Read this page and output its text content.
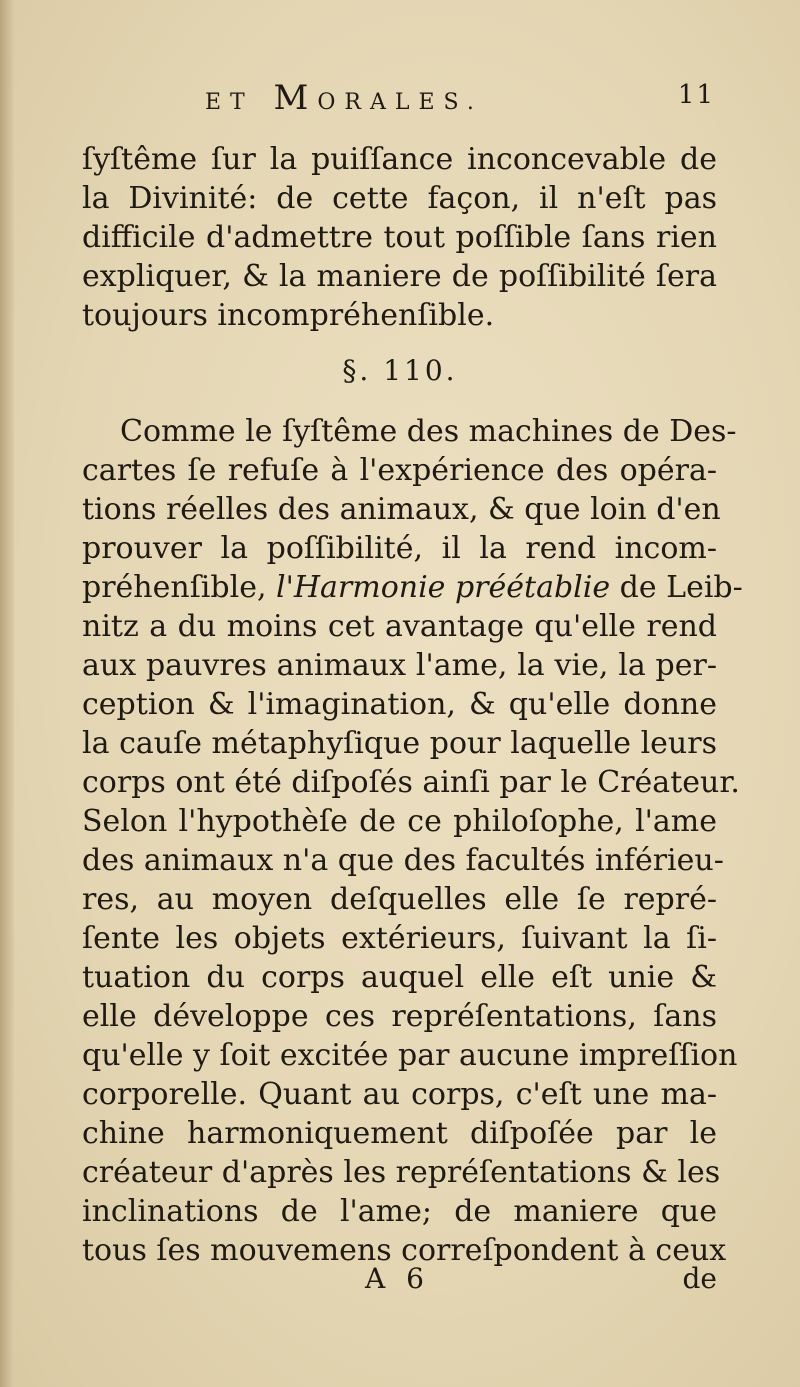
ET MORALES.	11
ſyſtême ſur la puiſſance inconcevable de
la Divinité: de cette façon, il n'eſt pas
difficile d'admettre tout poſſible ſans rien
expliquer, & la maniere de poſſibilité ſera
toujours incompréhenſible.
§. 110.
Comme le ſyſtême des machines de Des-
cartes ſe refuſe à l'expérience des opéra-
tions réelles des animaux, & que loin d'en
prouver la poſſibilité, il la rend incom-
préhenſible, l'Harmonie préétablie de Leib-
nitz a du moins cet avantage qu'elle rend
aux pauvres animaux l'ame, la vie, la per-
ception & l'imagination, & qu'elle donne
la cauſe métaphyſique pour laquelle leurs
corps ont été diſpoſés ainſi par le Créateur.
Selon l'hypothèſe de ce philoſophe, l'ame
des animaux n'a que des facultés inférieu-
res, au moyen deſquelles elle ſe repré-
ſente les objets extérieurs, ſuivant la ſi-
tuation du corps auquel elle eſt unie &
elle développe ces repréſentations, ſans
qu'elle y ſoit excitée par aucune impreſſion
corporelle. Quant au corps, c'eſt une ma-
chine harmoniquement diſpoſée par le
créateur d'après les repréſentations & les
inclinations de l'ame; de maniere que
tous ſes mouvemens correſpondent à ceux
A 6	de
